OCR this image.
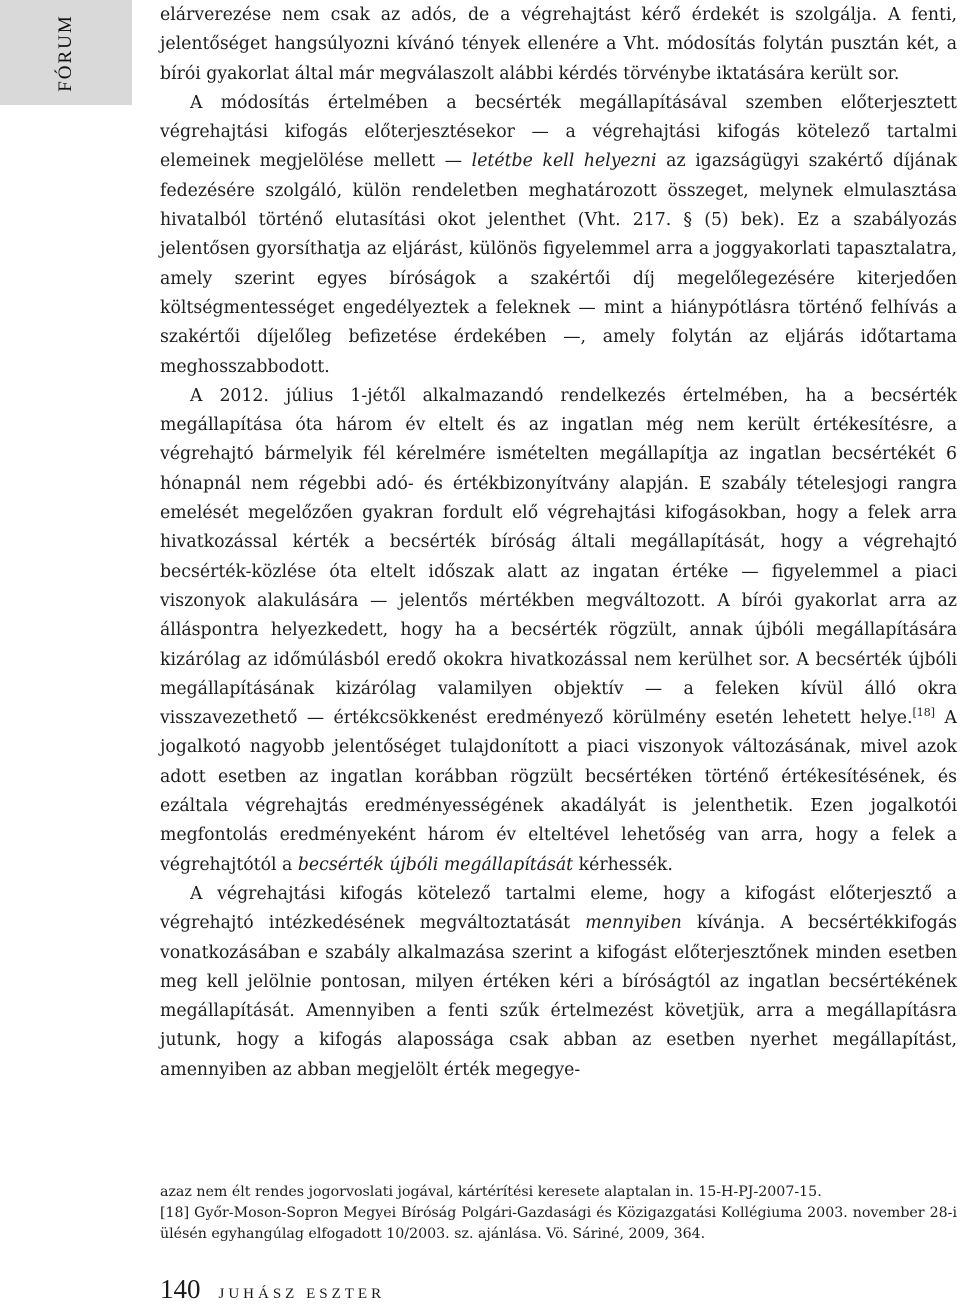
FÓRUM	elárverezése nem csak az adós, de a végrehajtást kérő érdekét is szolgálja. A fenti, jelentőséget hangsúlyozni kívánó tények ellenére a Vht. módosítás folytán pusztán két, a bírói gyakorlat által már megválaszolt alábbi kérdés törvénybe iktatására került sor.

A módosítás értelmében a becsérték megállapításával szemben előterjesztett végrehajtási kifogás előterjesztésekor — a végrehajtási kifogás kötelező tartalmi elemeinek megjelölése mellett — letétbe kell helyezni az igazságügyi szakértő díjának fedezésére szolgáló, külön rendeletben meghatározott összeget, melynek elmulasztása hivatalból történő elutasítási okot jelenthet (Vht. 217. § (5) bek). Ez a szabályozás jelentősen gyorsíthatja az eljárást, különös figyelemmel arra a joggyakorlati tapasztalatra, amely szerint egyes bíróságok a szakértői díj megelőlegezésére kiterjedően költségmentességet engedélyeztek a feleknek — mint a hiánypótlásra történő felhívás a szakértői díjelőleg befizetése érdekében —, amely folytán az eljárás időtartama meghosszabbodott.

A 2012. július 1-jétől alkalmazandó rendelkezés értelmében, ha a becsérték megállapítása óta három év eltelt és az ingatlan még nem került értékesítésre, a végrehajtó bármelyik fél kérelmére ismételten megállapítja az ingatlan becsértékét 6 hónapnál nem régebbi adó- és értékbizonyítvány alapján. E szabály tételesjogi rangra emelését megelőzően gyakran fordult elő végrehajtási kifogásokban, hogy a felek arra hivatkozással kérték a becsérték bíróság általi megállapítását, hogy a végrehajtó becsérték-közlése óta eltelt időszak alatt az ingatan értéke — figyelemmel a piaci viszonyok alakulására — jelentős mértékben megváltozott. A bírói gyakorlat arra az álláspontra helyezkedett, hogy ha a becsérték rögzült, annak újbóli megállapítására kizárólag az időmúlásból eredő okokra hivatkozással nem kerülhet sor. A becsérték újbóli megállapításának kizárólag valamilyen objektív — a feleken kívül álló okra visszavezethető — értékcsökkenést eredményező körülmény esetén lehetett helye.[18] A jogalkotó nagyobb jelentőséget tulajdonított a piaci viszonyok változásának, mivel azok adott esetben az ingatlan korábban rögzült becsértéken történő értékesítésének, és ezáltala végrehajtás eredményességének akadályát is jelenthetik. Ezen jogalkotói megfontolás eredményeként három év elteltével lehetőség van arra, hogy a felek a végrehajtótól a becsérték újbóli megállapítását kérhessék.

A végrehajtási kifogás kötelező tartalmi eleme, hogy a kifogást előterjesztő a végrehajtó intézkedésének megváltoztatását mennyiben kívánja. A becsértékkifogás vonatkozásában e szabály alkalmazása szerint a kifogást előterjesztőnek minden esetben meg kell jelölnie pontosan, milyen értéken kéri a bíróságtól az ingatlan becsértékének megállapítását. Amennyiben a fenti szűk értelmezést követjük, arra a megállapításra jutunk, hogy a kifogás alapossága csak abban az esetben nyerhet megállapítást, amennyiben az abban megjelölt érték megegye-

azaz nem élt rendes jogorvoslati jogával, kártérítési keresete alaptalan in. 15-H-PJ-2007-15.

[18] Győr-Moson-Sopron Megyei Bíróság Polgári-Gazdasági és Közigazgatási Kollégiuma 2003. november 28-i ülésén egyhangúlag elfogadott 10/2003. sz. ajánlása. Vö. Sáriné, 2009, 364.

140 JUHÁSZ ESZTER
